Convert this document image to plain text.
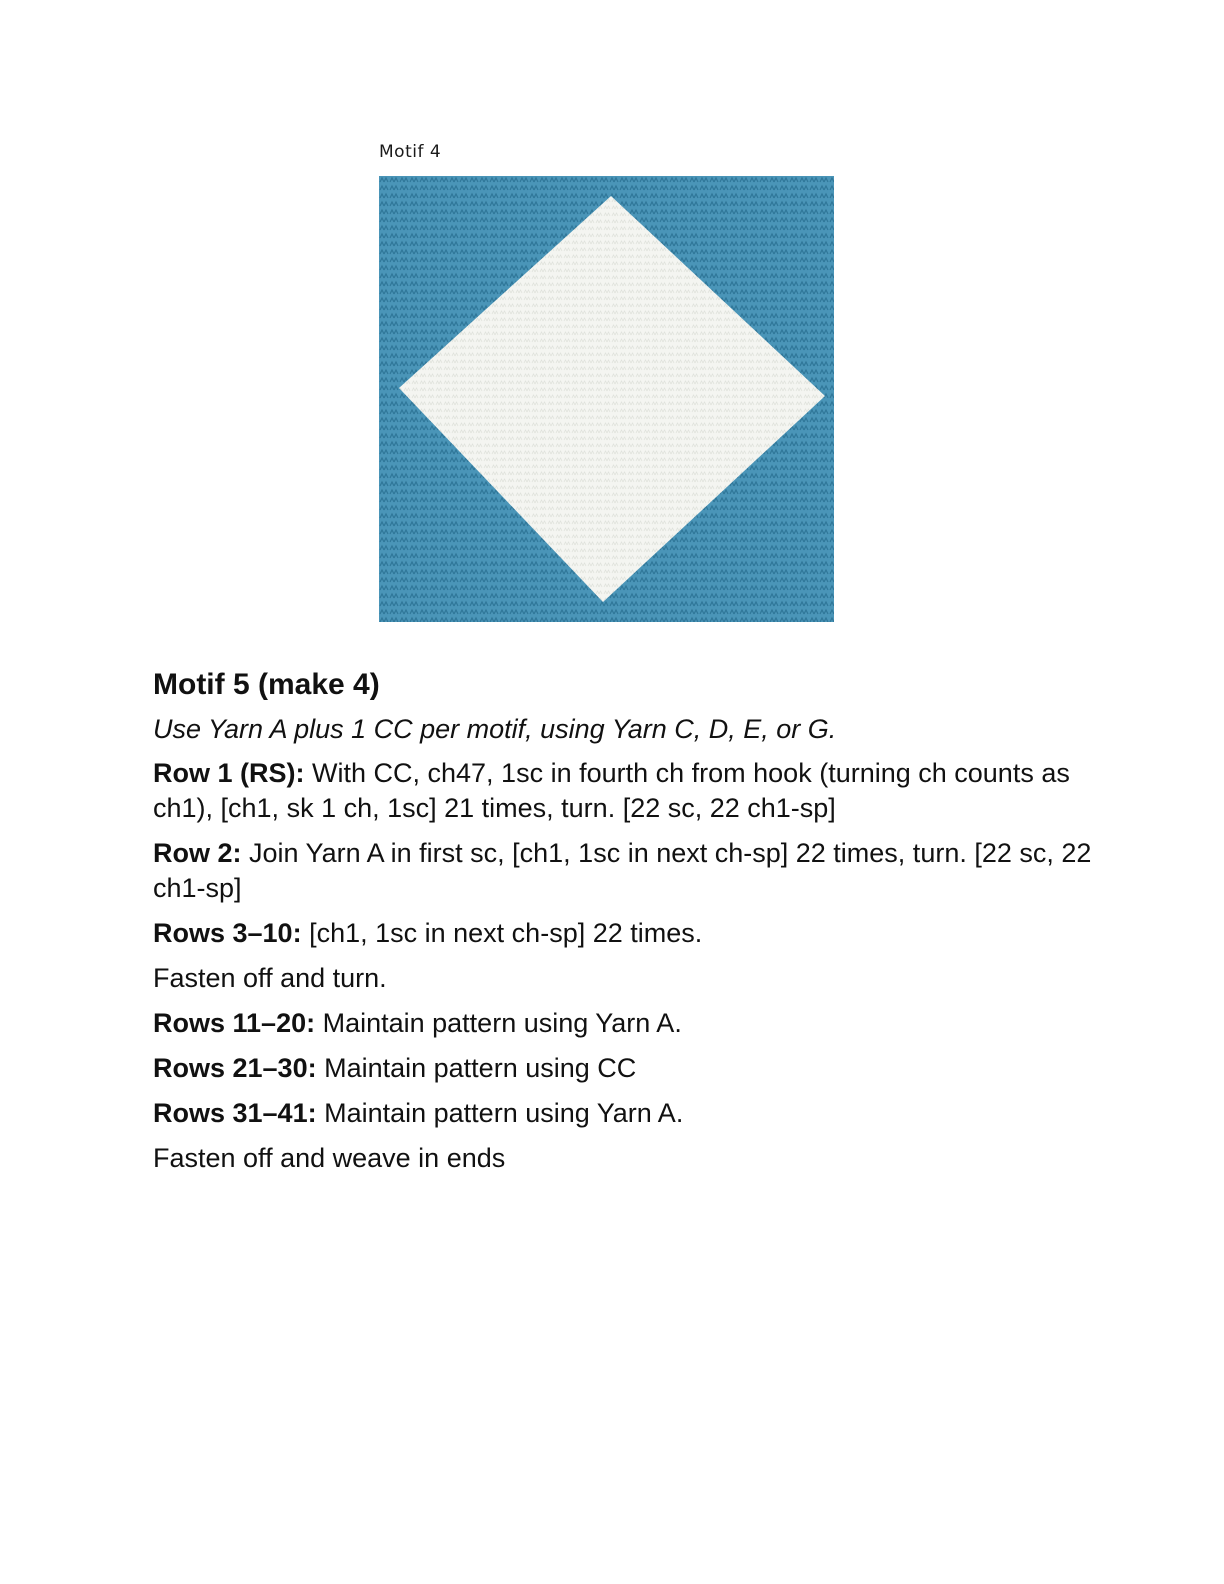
Motif 4
Motif 5 (make 4)
Use Yarn A plus 1 CC per motif, using Yarn C, D, E, or G.
Row 1 (RS): With CC, ch47, 1sc in fourth ch from hook (turning ch counts as ch1), [ch1, sk 1 ch, 1sc] 21 times, turn. [22 sc, 22 ch1-sp]
Row 2: Join Yarn A in first sc, [ch1, 1sc in next ch-sp] 22 times, turn. [22 sc, 22 ch1-sp]
Rows 3–10: [ch1, 1sc in next ch-sp] 22 times.
Fasten off and turn.
Rows 11–20: Maintain pattern using Yarn A.
Rows 21–30: Maintain pattern using CC
Rows 31–41: Maintain pattern using Yarn A.
Fasten off and weave in ends
